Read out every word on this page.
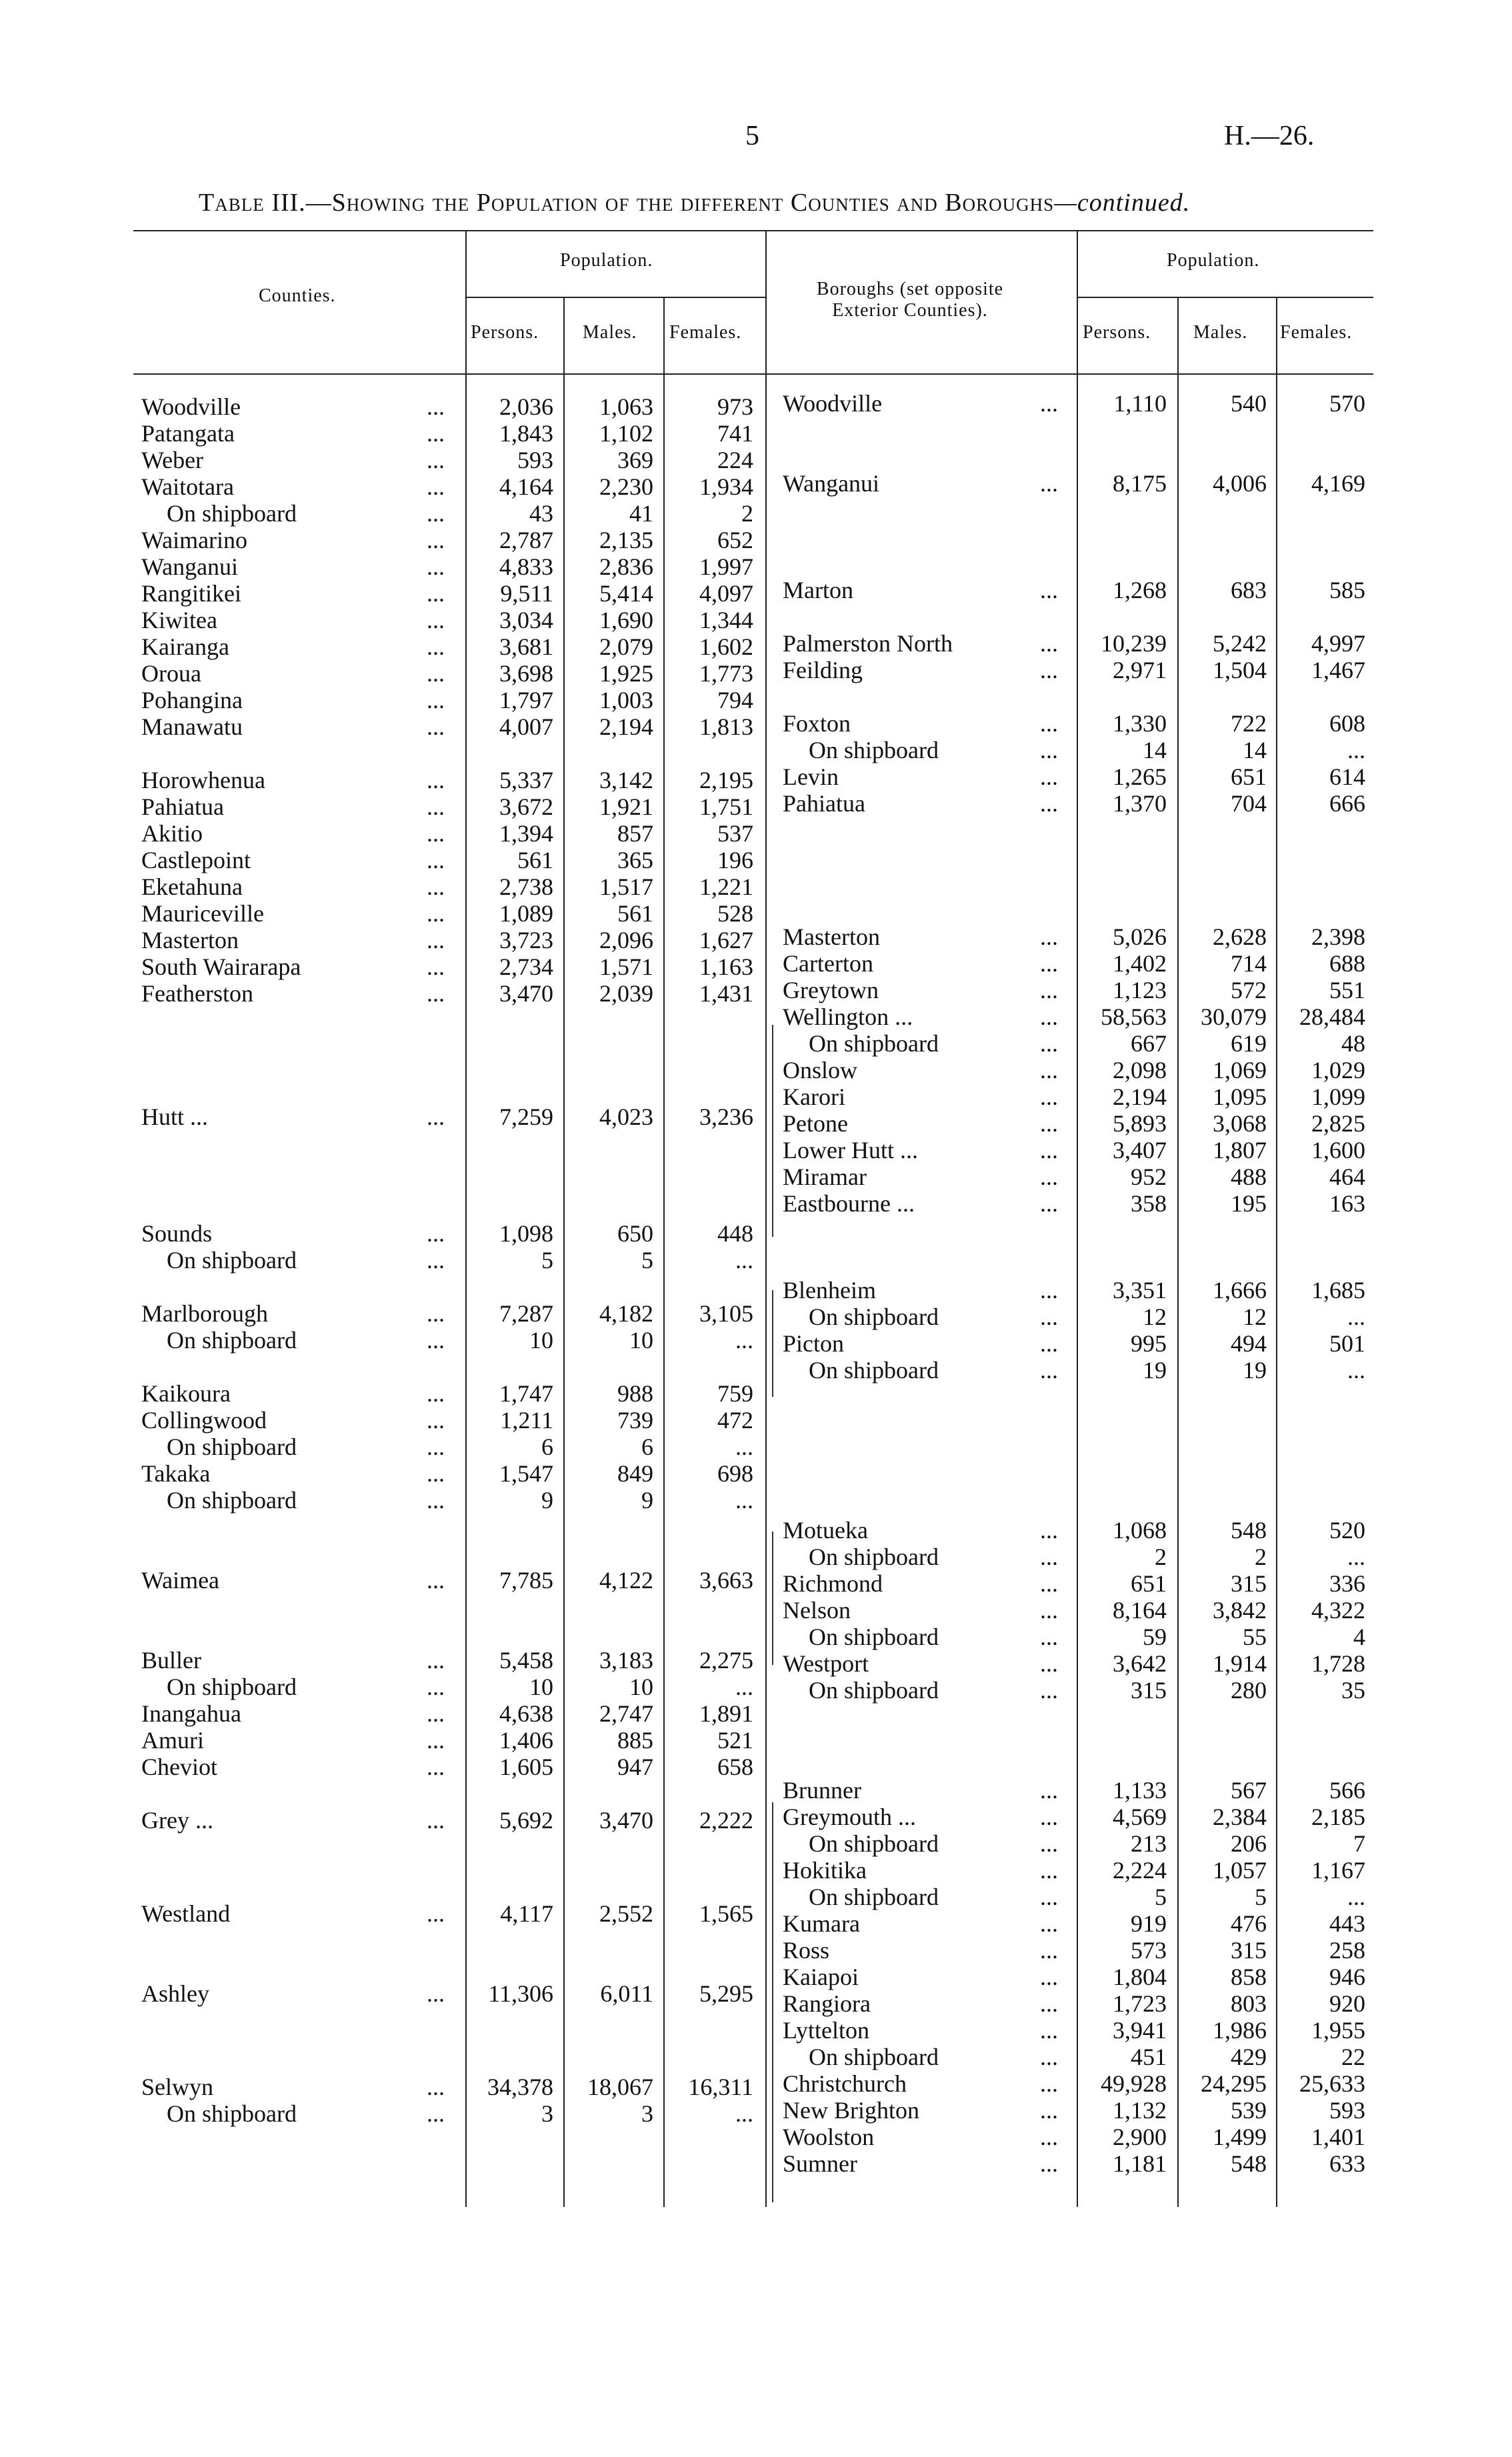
5	H.—26.
Table III.—Showing the Population of the different Counties and Boroughs—continued.
Counties.
Population.
Persons. Males. Females.
Boroughs (set opposite Exterior Counties).
Population.
Persons. Males. Females.
Woodville	...	2,036	1,063	973
Patangata	...	1,843	1,102	741
Weber	...	593	369	224
Waitotara	...	4,164	2,230	1,934
On shipboard	...	43	41	2
Waimarino	...	2,787	2,135	652
Wanganui	...	4,833	2,836	1,997
Rangitikei	...	9,511	5,414	4,097
Kiwitea	...	3,034	1,690	1,344
Kairanga	...	3,681	2,079	1,602
Oroua	...	3,698	1,925	1,773
Pohangina	...	1,797	1,003	794
Manawatu	...	4,007	2,194	1,813
Horowhenua	...	5,337	3,142	2,195
Pahiatua	...	3,672	1,921	1,751
Akitio	...	1,394	857	537
Castlepoint	...	561	365	196
Eketahuna	...	2,738	1,517	1,221
Mauriceville	...	1,089	561	528
Masterton	...	3,723	2,096	1,627
South Wairarapa	...	2,734	1,571	1,163
Featherston	...	3,470	2,039	1,431
Hutt ...	...	7,259	4,023	3,236
Sounds	...	1,098	650	448
On shipboard	...	5	5	...
Marlborough	...	7,287	4,182	3,105
On shipboard	...	10	10	...
Kaikoura	...	1,747	988	759
Collingwood	...	1,211	739	472
On shipboard	...	6	6	...
Takaka	...	1,547	849	698
On shipboard	...	9	9	...
Waimea	...	7,785	4,122	3,663
Buller	...	5,458	3,183	2,275
On shipboard	...	10	10	...
Inangahua	...	4,638	2,747	1,891
Amuri	...	1,406	885	521
Cheviot	...	1,605	947	658
Grey ...	...	5,692	3,470	2,222
Westland	...	4,117	2,552	1,565
Ashley	...	11,306	6,011	5,295
Selwyn	...	34,378	18,067	16,311
On shipboard	...	3	3	...
Woodville	...	1,110	540	570
Wanganui	...	8,175	4,006	4,169
Marton	...	1,268	683	585
Palmerston North	...	10,239	5,242	4,997
Feilding	...	2,971	1,504	1,467
Foxton	...	1,330	722	608
On shipboard	...	14	14	...
Levin	...	1,265	651	614
Pahiatua	...	1,370	704	666
Masterton	...	5,026	2,628	2,398
Carterton	...	1,402	714	688
Greytown	...	1,123	572	551
Wellington ...	...	58,563	30,079	28,484
On shipboard	...	667	619	48
Onslow	...	2,098	1,069	1,029
Karori	...	2,194	1,095	1,099
Petone	...	5,893	3,068	2,825
Lower Hutt ...	...	3,407	1,807	1,600
Miramar	...	952	488	464
Eastbourne ...	...	358	195	163
Blenheim	...	3,351	1,666	1,685
On shipboard	...	12	12	...
Picton	...	995	494	501
On shipboard	...	19	19	...
Motueka	...	1,068	548	520
On shipboard	...	2	2	...
Richmond	...	651	315	336
Nelson	...	8,164	3,842	4,322
On shipboard	...	59	55	4
Westport	...	3,642	1,914	1,728
On shipboard	...	315	280	35
Brunner	...	1,133	567	566
Greymouth ...	...	4,569	2,384	2,185
On shipboard	...	213	206	7
Hokitika	...	2,224	1,057	1,167
On shipboard	...	5	5	...
Kumara	...	919	476	443
Ross	...	573	315	258
Kaiapoi	...	1,804	858	946
Rangiora	...	1,723	803	920
Lyttelton	...	3,941	1,986	1,955
On shipboard	...	451	429	22
Christchurch	...	49,928	24,295	25,633
New Brighton	...	1,132	539	593
Woolston	...	2,900	1,499	1,401
Sumner	...	1,181	548	633
